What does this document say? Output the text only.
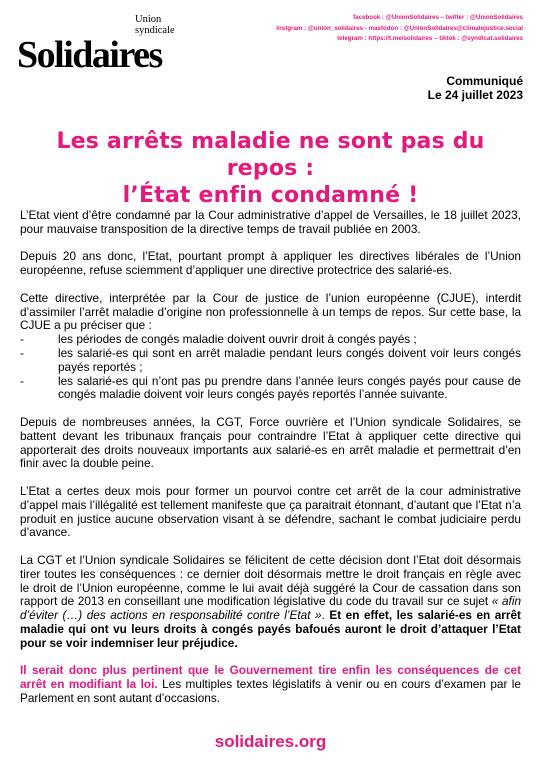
Union
syndicale
Solidaires
facebook : @UnionSolidaires – twitter : @UnionSolidaires
Instgram : @union_solidaires - mastodon : @UnionSolidaires@climatejustice.social
telegram : https://t.me/solidaires – tiktok : @syndicat.solidaires
Communiqué
Le 24 juillet 2023
Les arrêts maladie ne sont pas du repos :
l’État enfin condamné !

L’Etat vient d’être condamné par la Cour administrative d’appel de Versailles, le 18 juillet 2023, pour mauvaise transposition de la directive temps de travail publiée en 2003.

Depuis 20 ans donc, l’Etat, pourtant prompt à appliquer les directives libérales de l’Union européenne, refuse sciemment d’appliquer une directive protectrice des salarié-es.

Cette directive, interprétée par la Cour de justice de l’union européenne (CJUE), interdit d’assimiler l’arrêt maladie d’origine non professionnelle à un temps de repos. Sur cette base, la CJUE a pu préciser que :

- les périodes de congés maladie doivent ouvrir droit à congés payés ;
- les salarié-es qui sont en arrêt maladie pendant leurs congés doivent voir leurs congés payés reportés ;
- les salarié-es qui n’ont pas pu prendre dans l’année leurs congés payés pour cause de congés maladie doivent voir leurs congés payés reportés l’année suivante.

Depuis de nombreuses années, la CGT, Force ouvrière et l’Union syndicale Solidaires, se battent devant les tribunaux français pour contraindre l’Etat à appliquer cette directive qui apporterait des droits nouveaux importants aux salarié-es en arrêt maladie et permettrait d’en finir avec la double peine.

L’Etat a certes deux mois pour former un pourvoi contre cet arrêt de la cour administrative d’appel mais l’illégalité est tellement manifeste que ça paraitrait étonnant, d’autant que l’Etat n’a produit en justice aucune observation visant à se défendre, sachant le combat judiciaire perdu d’avance.

La CGT et l’Union syndicale Solidaires se félicitent de cette décision dont l’Etat doit désormais tirer toutes les conséquences : ce dernier doit désormais mettre le droit français en règle avec le droit de l’Union européenne, comme le lui avait déjà suggéré la Cour de cassation dans son rapport de 2013 en conseillant une modification législative du code du travail sur ce sujet « afin d’éviter (…) des actions en responsabilité contre l’Etat ». Et en effet, les salarié-es en arrêt maladie qui ont vu leurs droits à congés payés bafoués auront le droit d’attaquer l’Etat pour se voir indemniser leur préjudice.

Il serait donc plus pertinent que le Gouvernement tire enfin les conséquences de cet arrêt en modifiant la loi. Les multiples textes législatifs à venir ou en cours d’examen par le Parlement en sont autant d’occasions.

solidaires.org
